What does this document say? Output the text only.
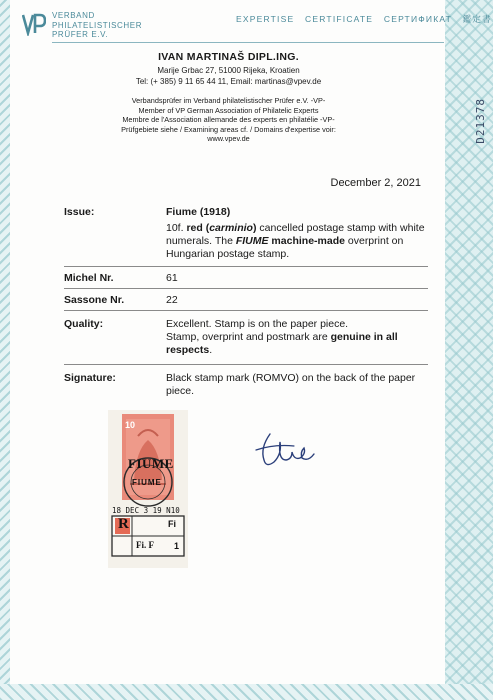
D21378
VERBAND
PHILATELISTISCHER
PRÜFER E.V.
EXPERTISE   CERTIFICATE   СЕРТИФИКАТ   鑑定書
IVAN MARTINAŠ DIPL.ING.
Marije Grbac 27, 51000 Rijeka, Kroatien
Tel: (+ 385) 9 11 65 44 11, Email: martinas@vpev.de
Verbandsprüfer im Verband philatelistischer Prüfer e.V. -VP-
Member of VP German Association of Philatelic Experts
Membre de l'Association allemande des experts en philatélie -VP-
Prüfgebiete siehe / Examining areas cf. / Domains d'expertise voir:
www.vpev.de
December 2, 2021
Issue:	Fiume (1918)
10f. red (carminio) cancelled postage stamp with white numerals. The FIUME machine-made overprint on Hungarian postage stamp.
Michel Nr.	61
Sassone Nr.	22
Quality:	Excellent. Stamp is on the paper piece.
Stamp, overprint and postmark are genuine in all respects.
Signature:	Black stamp mark (ROMVO) on the back of the paper piece.
10
FIUME
FIUME
18 DEC 3 19 N10
R	Fi
Fi. F 1
